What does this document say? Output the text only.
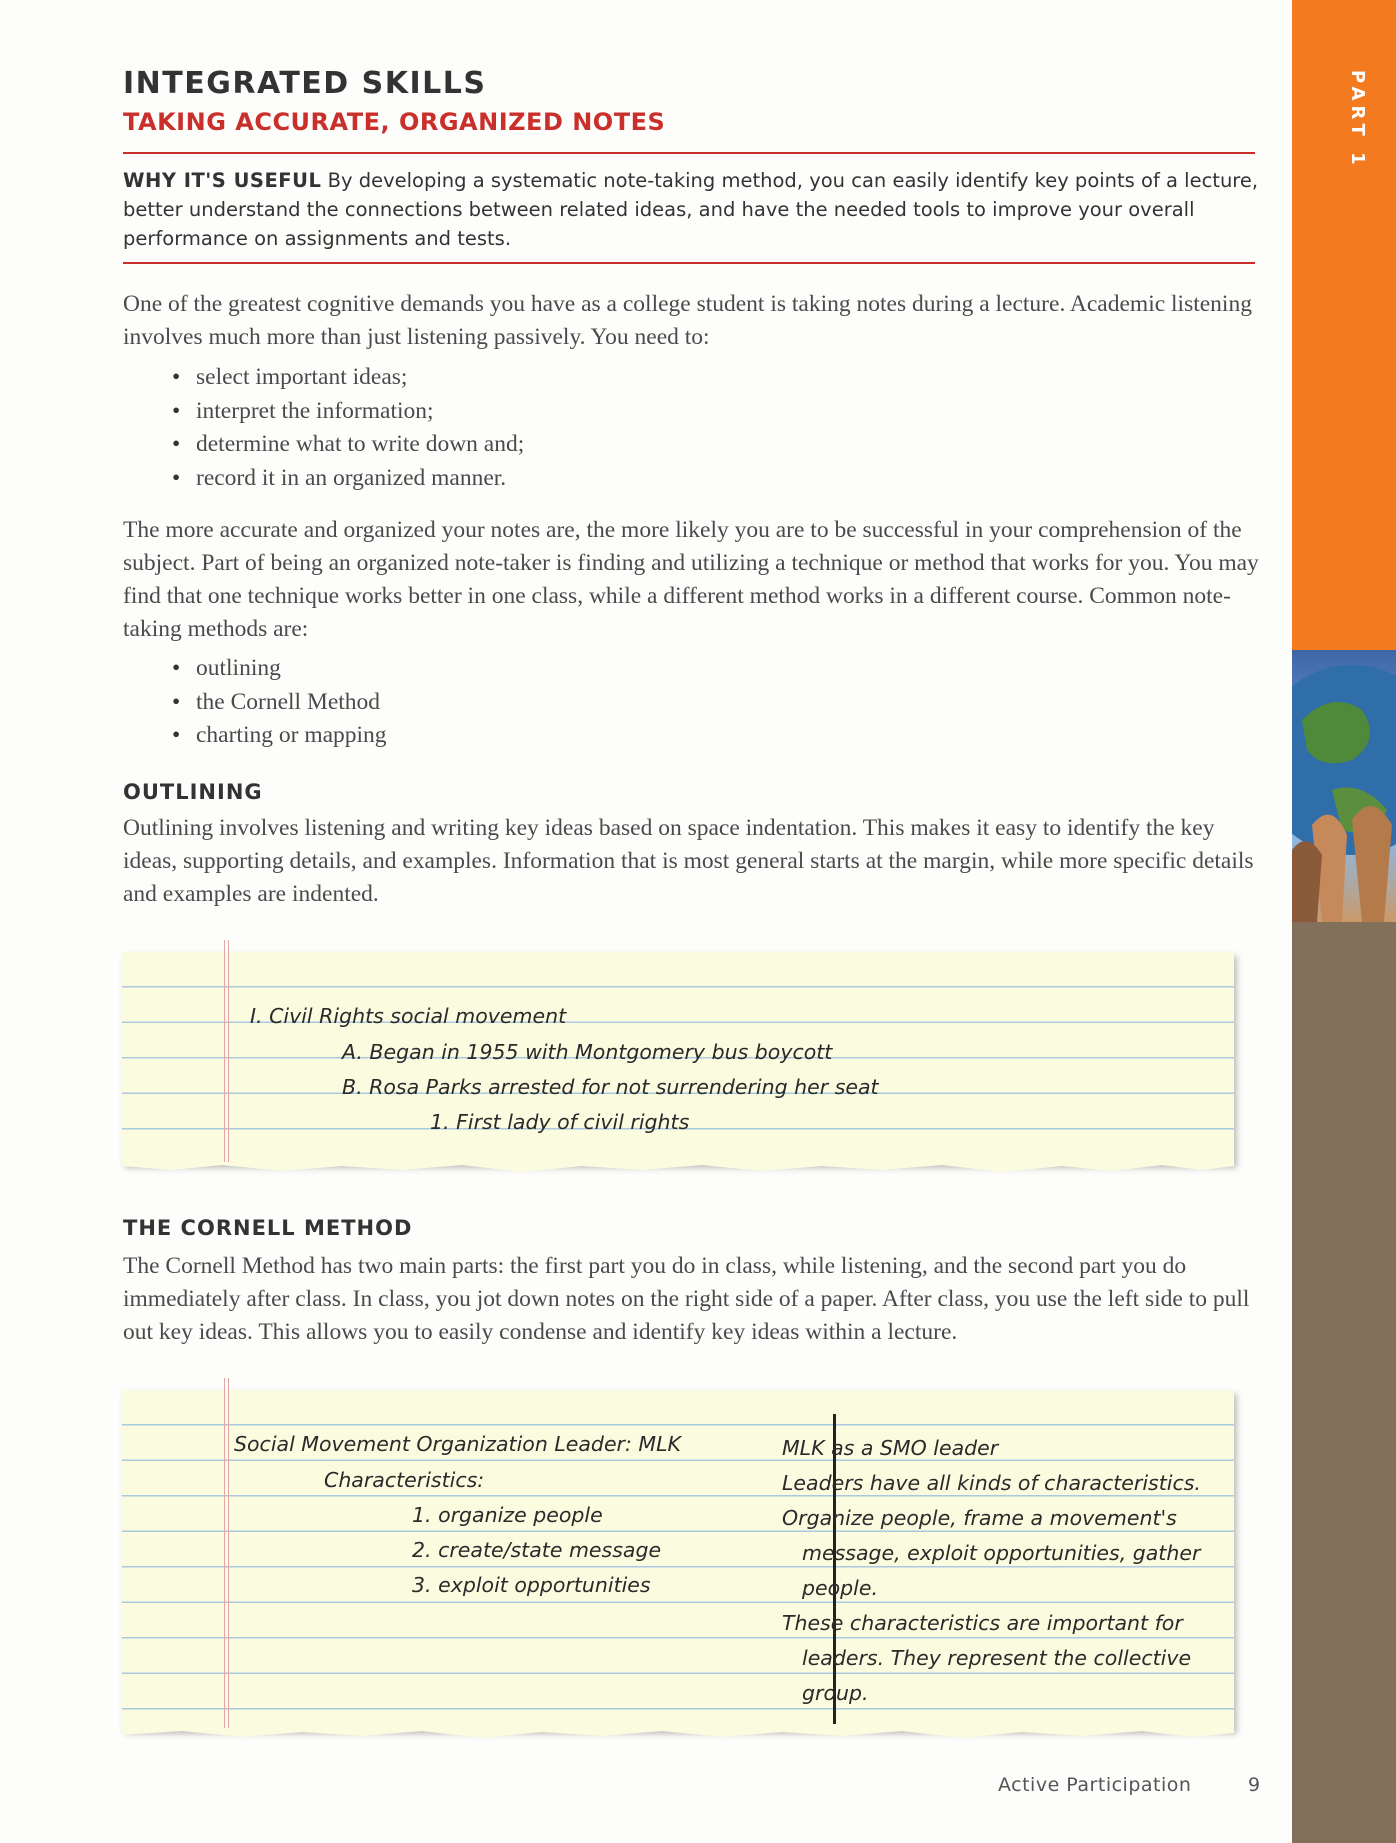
PART 1
INTEGRATED SKILLS
TAKING ACCURATE, ORGANIZED NOTES
WHY IT'S USEFUL By developing a systematic note-taking method, you can easily identify key points of a lecture, better understand the connections between related ideas, and have the needed tools to improve your overall performance on assignments and tests.
One of the greatest cognitive demands you have as a college student is taking notes during a lecture. Academic listening involves much more than just listening passively. You need to:
• select important ideas;
• interpret the information;
• determine what to write down and;
• record it in an organized manner.
The more accurate and organized your notes are, the more likely you are to be successful in your comprehension of the subject. Part of being an organized note-taker is finding and utilizing a technique or method that works for you. You may find that one technique works better in one class, while a different method works in a different course. Common note-taking methods are:
• outlining
• the Cornell Method
• charting or mapping
OUTLINING
Outlining involves listening and writing key ideas based on space indentation. This makes it easy to identify the key ideas, supporting details, and examples. Information that is most general starts at the margin, while more specific details and examples are indented.
I. Civil Rights social movement
A. Began in 1955 with Montgomery bus boycott
B. Rosa Parks arrested for not surrendering her seat
1. First lady of civil rights
THE CORNELL METHOD
The Cornell Method has two main parts: the first part you do in class, while listening, and the second part you do immediately after class. In class, you jot down notes on the right side of a paper. After class, you use the left side to pull out key ideas. This allows you to easily condense and identify key ideas within a lecture.
Social Movement Organization Leader: MLK
Characteristics:
1. organize people
2. create/state message
3. exploit opportunities
MLK as a SMO leader
Leaders have all kinds of characteristics.
Organize people, frame a movement's
message, exploit opportunities, gather
people.
These characteristics are important for
leaders. They represent the collective
group.
Active Participation	9
